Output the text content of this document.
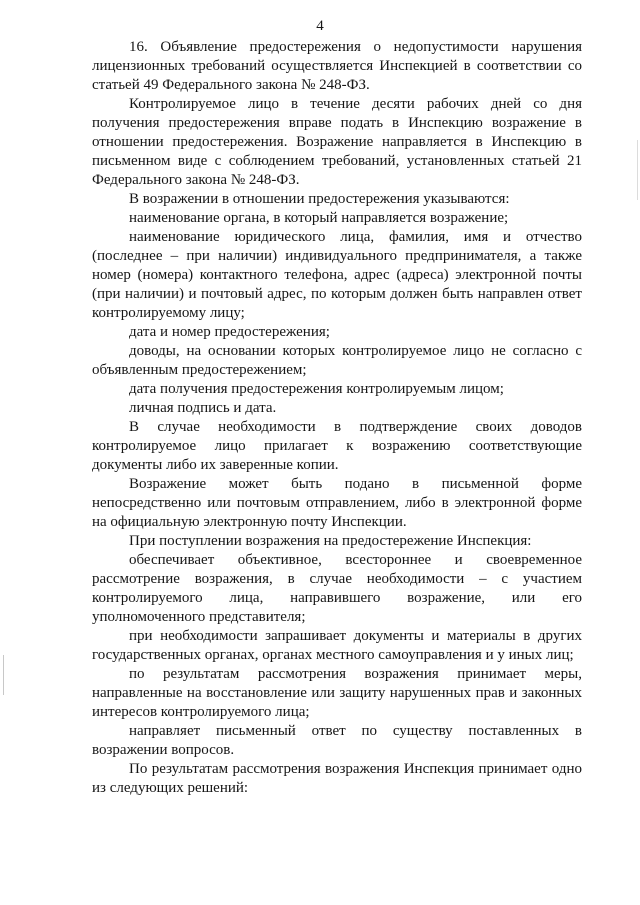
4

16. Объявление предостережения о недопустимости нарушения лицензионных требований осуществляется Инспекцией в соответствии со статьей 49 Федерального закона № 248-ФЗ.

Контролируемое лицо в течение десяти рабочих дней со дня получения предостережения вправе подать в Инспекцию возражение в отношении предостережения. Возражение направляется в Инспекцию в письменном виде с соблюдением требований, установленных статьей 21 Федерального закона № 248-ФЗ.

В возражении в отношении предостережения указываются:

наименование органа, в который направляется возражение;

наименование юридического лица, фамилия, имя и отчество (последнее – при наличии) индивидуального предпринимателя, а также номер (номера) контактного телефона, адрес (адреса) электронной почты (при наличии) и почтовый адрес, по которым должен быть направлен ответ контролируемому лицу;

дата и номер предостережения;

доводы, на основании которых контролируемое лицо не согласно с объявленным предостережением;

дата получения предостережения контролируемым лицом;

личная подпись и дата.

В случае необходимости в подтверждение своих доводов контролируемое лицо прилагает к возражению соответствующие документы либо их заверенные копии.

Возражение может быть подано в письменной форме непосредственно или почтовым отправлением, либо в электронной форме на официальную электронную почту Инспекции.

При поступлении возражения на предостережение Инспекция:

обеспечивает объективное, всестороннее и своевременное рассмотрение возражения, в случае необходимости – с участием контролируемого лица, направившего возражение, или его уполномоченного представителя;

при необходимости запрашивает документы и материалы в других государственных органах, органах местного самоуправления и у иных лиц;

по результатам рассмотрения возражения принимает меры, направленные на восстановление или защиту нарушенных прав и законных интересов контролируемого лица;

направляет письменный ответ по существу поставленных в возражении вопросов.

По результатам рассмотрения возражения Инспекция принимает одно из следующих решений:
